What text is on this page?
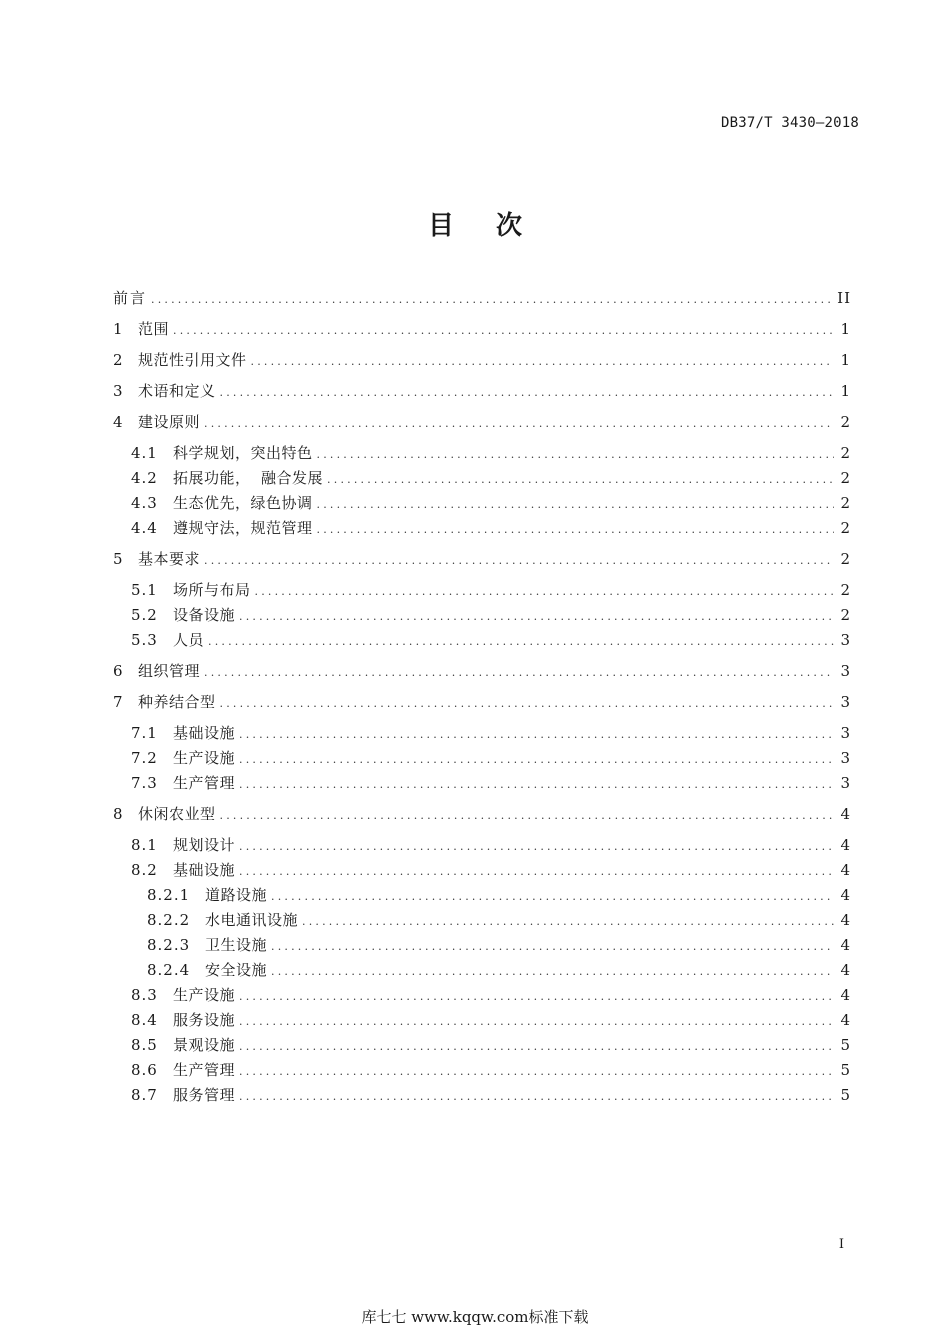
DB37/T 3430—2018
目 次
前言 .....	II
1 范围 .....	1
2 规范性引用文件 .....	1
3 术语和定义 .....	1
4 建设原则 .....	2
4.1	科学规划，突出特色 .....	2
4.2	拓展功能，  融合发展 .....	2
4.3	生态优先，绿色协调 .....	2
4.4	遵规守法，规范管理 .....	2
5 基本要求 .....	2
5.1	场所与布局 .....	2
5.2	设备设施 .....	2
5.3	人员 .....	3
6 组织管理 .....	3
7 种养结合型 .....	3
7.1	基础设施 .....	3
7.2	生产设施 .....	3
7.3	生产管理 .....	3
8 休闲农业型 .....	4
8.1	规划设计 .....	4
8.2	基础设施 .....	4
8.2.1 道路设施 .....	4
8.2.2 水电通讯设施 .....	4
8.2.3 卫生设施 .....	4
8.2.4 安全设施 .....	4
8.3	生产设施 .....	4
8.4	服务设施 .....	4
8.5	景观设施 .....	5
8.6	生产管理 .....	5
8.7	服务管理 .....	5
I
库七七 www.kqqw.com标准下载
